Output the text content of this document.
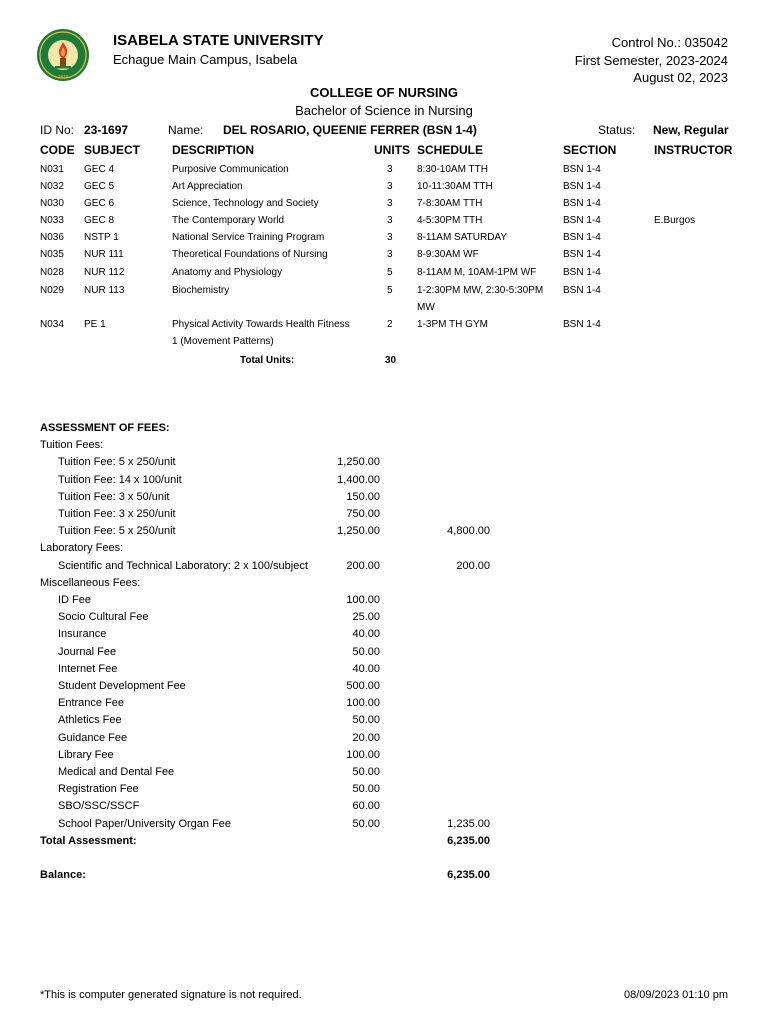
1978
ISABELA STATE UNIVERSITY
Echague Main Campus, Isabela
Control No.: 035042
First Semester, 2023-2024
August 02, 2023
COLLEGE OF NURSING
Bachelor of Science in Nursing
ID No: 23-1697	Name: DEL ROSARIO, QUEENIE FERRER (BSN 1-4)	Status: New, Regular
CODE SUBJECT	DESCRIPTION	UNITS SCHEDULE	SECTION	INSTRUCTOR
N031 GEC 4	Purposive Communication	3 8:30-10AM TTH	BSN 1-4
N032 GEC 5	Art Appreciation	3 10-11:30AM TTH	BSN 1-4
N030 GEC 6	Science, Technology and Society	3 7-8:30AM TTH	BSN 1-4
N033 GEC 8	The Contemporary World	3 4-5:30PM TTH	BSN 1-4	E.Burgos
N036 NSTP 1	National Service Training Program	3 8-11AM SATURDAY	BSN 1-4
N035 NUR 111	Theoretical Foundations of Nursing	3 8-9:30AM WF	BSN 1-4
N028 NUR 112	Anatomy and Physiology	5 8-11AM M, 10AM-1PM WF	BSN 1-4
N029 NUR 113	Biochemistry	5 1-2:30PM MW, 2:30-5:30PM BSN 1-4
MW
N034 PE 1	Physical Activity Towards Health Fitness	2 1-3PM TH GYM	BSN 1-4
1 (Movement Patterns)
Total Units:	30
ASSESSMENT OF FEES:
Tuition Fees:
Tuition Fee: 5 x 250/unit	1,250.00
Tuition Fee: 14 x 100/unit	1,400.00
Tuition Fee: 3 x 50/unit	150.00
Tuition Fee: 3 x 250/unit	750.00
Tuition Fee: 5 x 250/unit	1,250.00	4,800.00
Laboratory Fees:
Scientific and Technical Laboratory: 2 x 100/subject	200.00	200.00
Miscellaneous Fees:
ID Fee	100.00
Socio Cultural Fee	25.00
Insurance	40.00
Journal Fee	50.00
Internet Fee	40.00
Student Development Fee	500.00
Entrance Fee	100.00
Athletics Fee	50.00
Guidance Fee	20.00
Library Fee	100.00
Medical and Dental Fee	50.00
Registration Fee	50.00
SBO/SSC/SSCF	60.00
School Paper/University Organ Fee	50.00	1,235.00
Total Assessment:	6,235.00
Balance:	6,235.00
*This is computer generated signature is not required.	08/09/2023 01:10 pm
